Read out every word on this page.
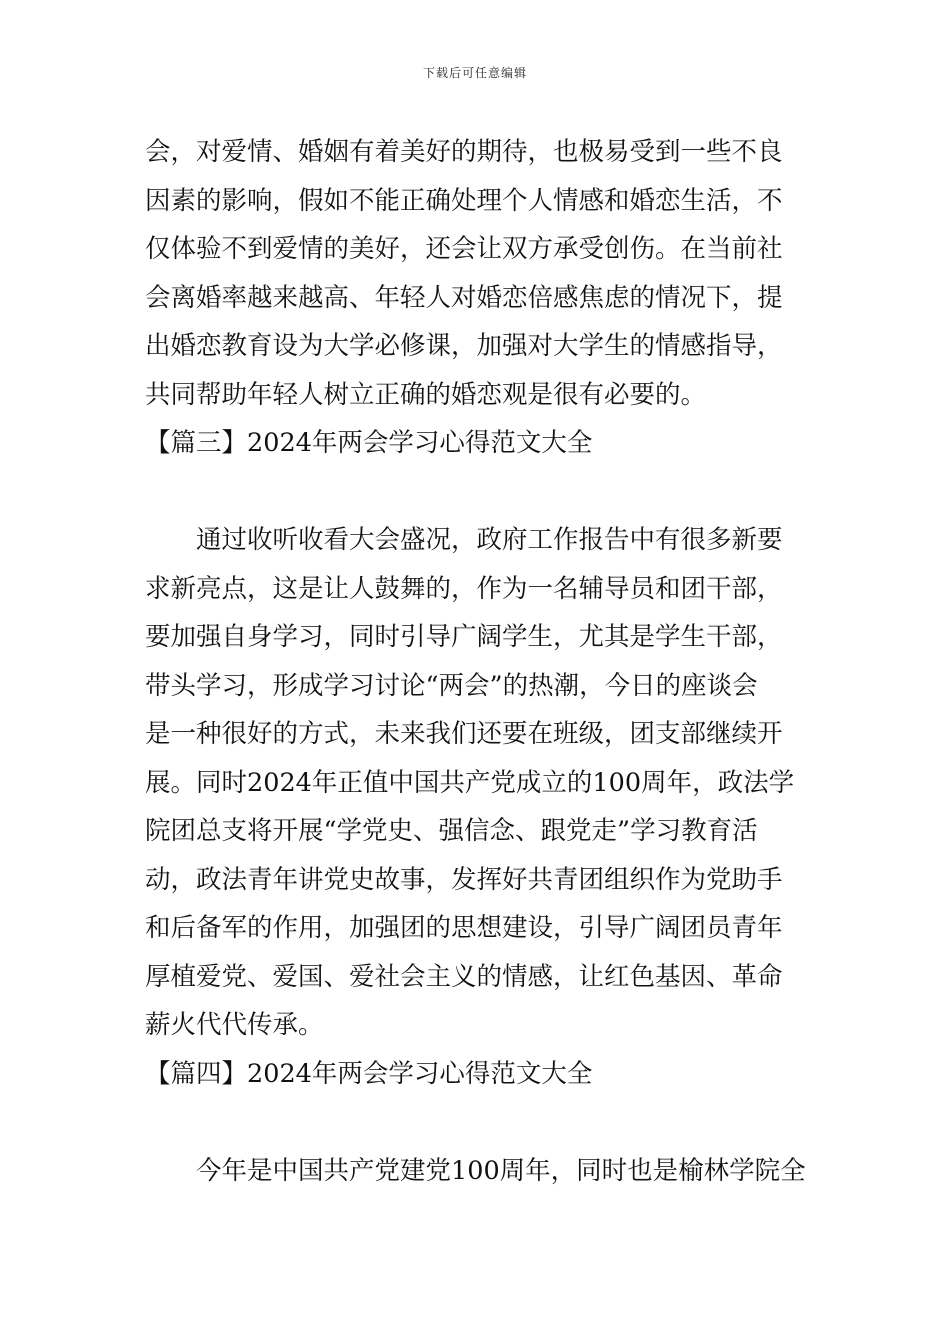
下载后可任意编辑
会，对爱情、婚姻有着美好的期待，也极易受到一些不良
因素的影响，假如不能正确处理个人情感和婚恋生活，不
仅体验不到爱情的美好，还会让双方承受创伤。在当前社
会离婚率越来越高、年轻人对婚恋倍感焦虑的情况下，提
出婚恋教育设为大学必修课，加强对大学生的情感指导，
共同帮助年轻人树立正确的婚恋观是很有必要的。
【篇三】2024年两会学习心得范文大全
通过收听收看大会盛况，政府工作报告中有很多新要
求新亮点，这是让人鼓舞的，作为一名辅导员和团干部，
要加强自身学习，同时引导广阔学生，尤其是学生干部，
带头学习，形成学习讨论“两会”的热潮，今日的座谈会
是一种很好的方式，未来我们还要在班级，团支部继续开
展。同时2024年正值中国共产党成立的100周年，政法学
院团总支将开展“学党史、强信念、跟党走”学习教育活
动，政法青年讲党史故事，发挥好共青团组织作为党助手
和后备军的作用，加强团的思想建设，引导广阔团员青年
厚植爱党、爱国、爱社会主义的情感，让红色基因、革命
薪火代代传承。
【篇四】2024年两会学习心得范文大全
今年是中国共产党建党100周年，同时也是榆林学院全
